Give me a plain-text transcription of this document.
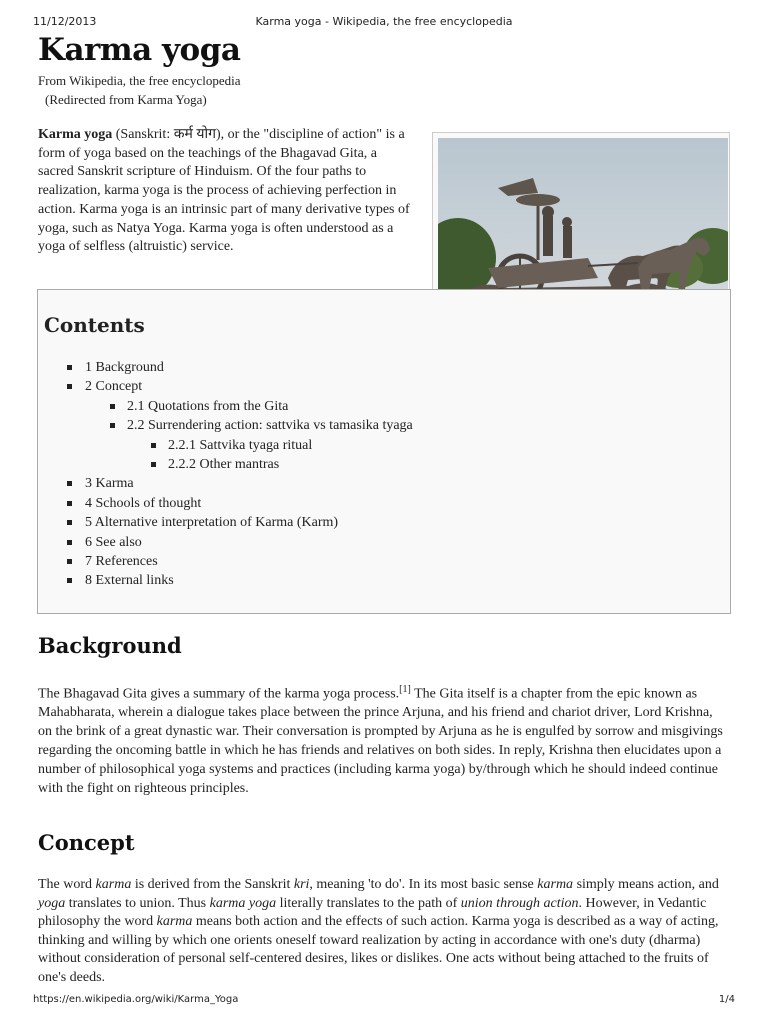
11/12/2013	Karma yoga - Wikipedia, the free encyclopedia
Karma yoga
From Wikipedia, the free encyclopedia
(Redirected from Karma Yoga)

Karma yoga (Sanskrit: कर्म योग), or the "discipline of action" is a form of yoga based on the teachings of the Bhagavad Gita, a sacred Sanskrit scripture of Hinduism. Of the four paths to realization, karma yoga is the process of achieving perfection in action. Karma yoga is an intrinsic part of many derivative types of yoga, such as Natya Yoga. Karma yoga is often understood as a yoga of selfless (altruistic) service.

Contents
1 Background
2 Concept
2.1 Quotations from the Gita
2.2 Surrendering action: sattvika vs tamasika tyaga
2.2.1 Sattvika tyaga ritual
2.2.2 Other mantras
3 Karma
4 Schools of thought
5 Alternative interpretation of Karma (Karm)
6 See also
7 References
8 External links
Background

The Bhagavad Gita gives a summary of the karma yoga process.[1] The Gita itself is a chapter from the epic known as Mahabharata, wherein a dialogue takes place between the prince Arjuna, and his friend and chariot driver, Lord Krishna, on the brink of a great dynastic war. Their conversation is prompted by Arjuna as he is engulfed by sorrow and misgivings regarding the oncoming battle in which he has friends and relatives on both sides. In reply, Krishna then elucidates upon a number of philosophical yoga systems and practices (including karma yoga) by/through which he should indeed continue with the fight on righteous principles.

Concept

The word karma is derived from the Sanskrit kri, meaning 'to do'. In its most basic sense karma simply means action, and yoga translates to union. Thus karma yoga literally translates to the path of union through action. However, in Vedantic philosophy the word karma means both action and the effects of such action. Karma yoga is described as a way of acting, thinking and willing by which one orients oneself toward realization by acting in accordance with one's duty (dharma) without consideration of personal self-centered desires, likes or dislikes. One acts without being attached to the fruits of one's deeds.

https://en.wikipedia.org/wiki/Karma_Yoga	1/4
